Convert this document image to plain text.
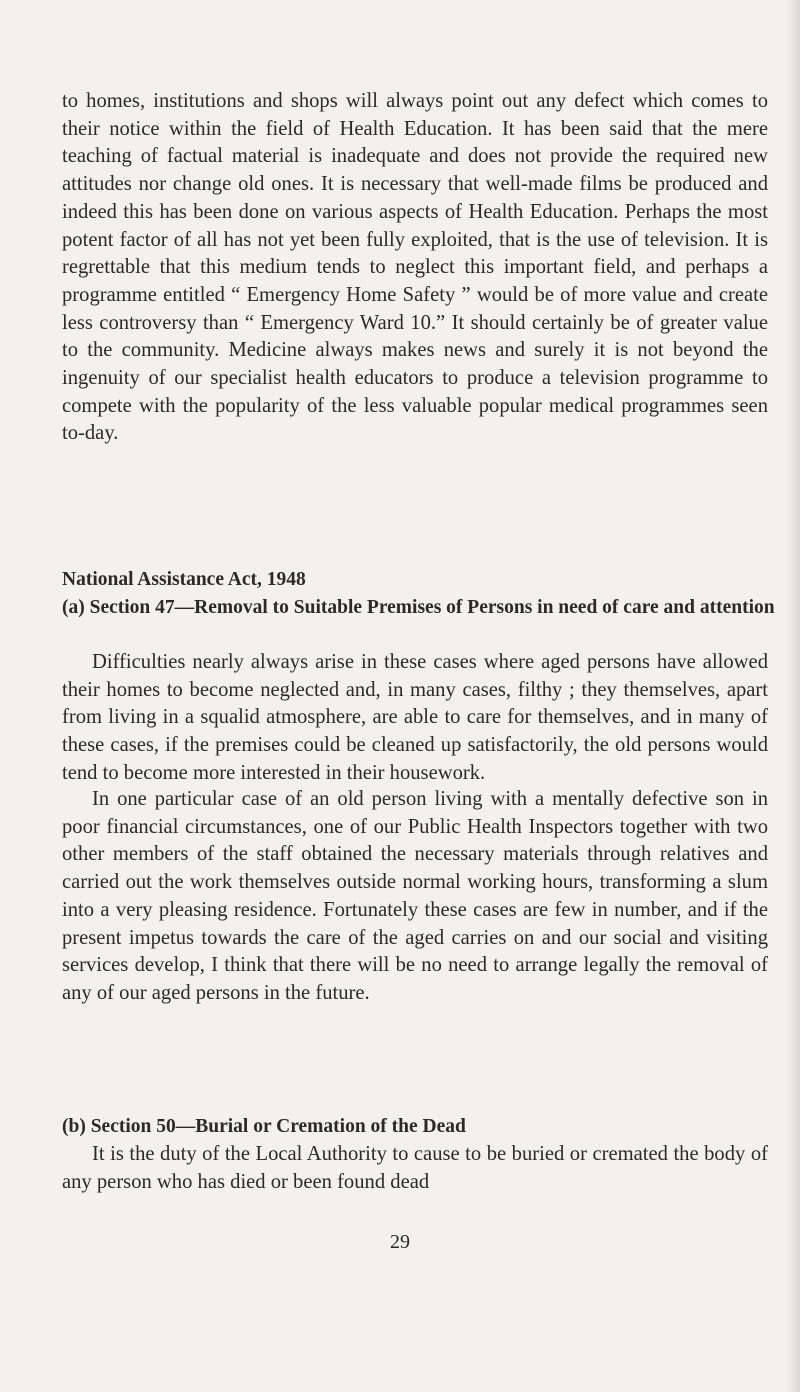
to homes, institutions and shops will always point out any defect which comes to their notice within the field of Health Education. It has been said that the mere teaching of factual material is inadequate and does not provide the required new attitudes nor change old ones. It is necessary that well-made films be produced and indeed this has been done on various aspects of Health Education. Perhaps the most potent factor of all has not yet been fully exploited, that is the use of television. It is regrettable that this medium tends to neglect this important field, and perhaps a programme entitled “ Emergency Home Safety ” would be of more value and create less controversy than “ Emergency Ward 10.” It should certainly be of greater value to the community. Medicine always makes news and surely it is not beyond the ingenuity of our specialist health educators to produce a television programme to compete with the popularity of the less valuable popular medical programmes seen to-day.

National Assistance Act, 1948

(a) Section 47—Removal to Suitable Premises of Persons in need of care and attention

Difficulties nearly always arise in these cases where aged persons have allowed their homes to become neglected and, in many cases, filthy ; they themselves, apart from living in a squalid atmosphere, are able to care for themselves, and in many of these cases, if the premises could be cleaned up satisfactorily, the old persons would tend to become more interested in their housework.

In one particular case of an old person living with a mentally defective son in poor financial circumstances, one of our Public Health Inspectors together with two other members of the staff obtained the necessary materials through relatives and carried out the work themselves outside normal working hours, transforming a slum into a very pleasing residence. Fortunately these cases are few in number, and if the present impetus towards the care of the aged carries on and our social and visiting services develop, I think that there will be no need to arrange legally the removal of any of our aged persons in the future.

(b) Section 50—Burial or Cremation of the Dead

It is the duty of the Local Authority to cause to be buried or cremated the body of any person who has died or been found dead

29
